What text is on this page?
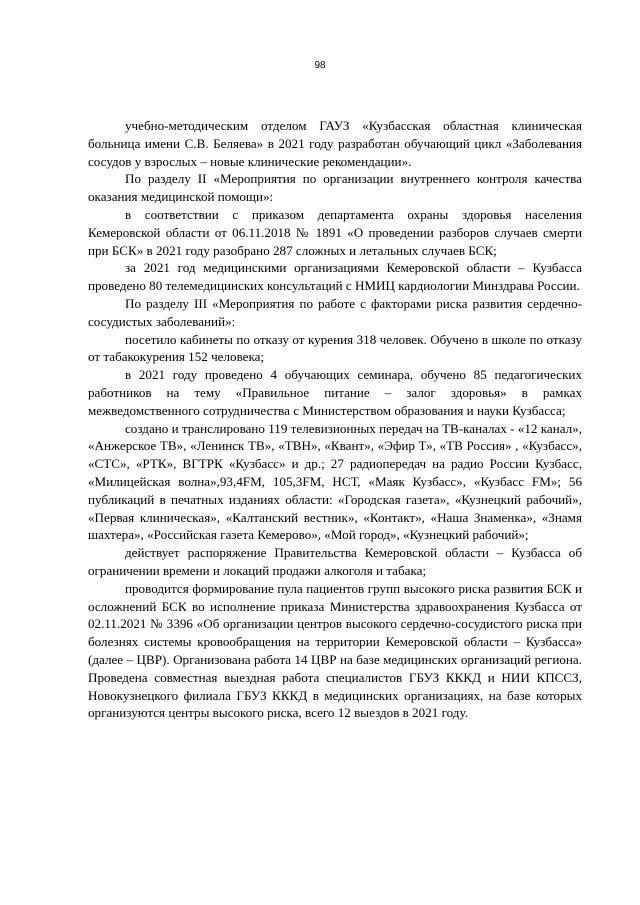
98

учебно-методическим отделом ГАУЗ «Кузбасская областная клиническая больница имени С.В. Беляева» в 2021 году разработан обучающий цикл «Заболевания сосудов у взрослых – новые клинические рекомендации».

По разделу II «Мероприятия по организации внутреннего контроля качества оказания медицинской помощи»:

в соответствии с приказом департамента охраны здоровья населения Кемеровской области от 06.11.2018 № 1891 «О проведении разборов случаев смерти при БСК» в 2021 году разобрано 287 сложных и летальных случаев БСК;

за 2021 год медицинскими организациями Кемеровской области – Кузбасса проведено 80 телемедицинских консультаций с НМИЦ кардиологии Минздрава России.

По разделу III «Мероприятия по работе с факторами риска развития сердечно-сосудистых заболеваний»:

посетило кабинеты по отказу от курения 318 человек. Обучено в школе по отказу от табакокурения 152 человека;

в 2021 году проведено 4 обучающих семинара, обучено 85 педагогических работников на тему «Правильное питание – залог здоровья» в рамках межведомственного сотрудничества с Министерством образования и науки Кузбасса;

создано и транслировано 119 телевизионных передач на ТВ-каналах - «12 канал», «Анжерское ТВ», «Ленинск ТВ», «ТВН», «Квант», «Эфир Т», «ТВ Россия» , «Кузбасс», «СТС», «РТК», ВГТРК «Кузбасс» и др.; 27 радиопередач на радио России Кузбасс, «Милицейская волна»,93,4FM, 105,3FM, НСТ, «Маяк Кузбасс», «Кузбасс FM»; 56 публикаций в печатных изданиях области: «Городская газета», «Кузнецкий рабочий», «Первая клиническая», «Калтанский вестник», «Контакт», «Наша Знаменка», «Знамя шахтера», «Российская газета Кемерово», «Мой город», «Кузнецкий рабочий»;

действует распоряжение Правительства Кемеровской области – Кузбасса об ограничении времени и локаций продажи алкоголя и табака;

проводится формирование пула пациентов групп высокого риска развития БСК и осложнений БСК во исполнение приказа Министерства здравоохранения Кузбасса от 02.11.2021 № 3396 «Об организации центров высокого сердечно-сосудистого риска при болезнях системы кровообращения на территории Кемеровской области – Кузбасса» (далее – ЦВР). Организована работа 14 ЦВР на базе медицинских организаций региона. Проведена совместная выездная работа специалистов ГБУЗ КККД и НИИ КПССЗ, Новокузнецкого филиала ГБУЗ КККД в медицинских организациях, на базе которых организуются центры высокого риска, всего 12 выездов в 2021 году.
